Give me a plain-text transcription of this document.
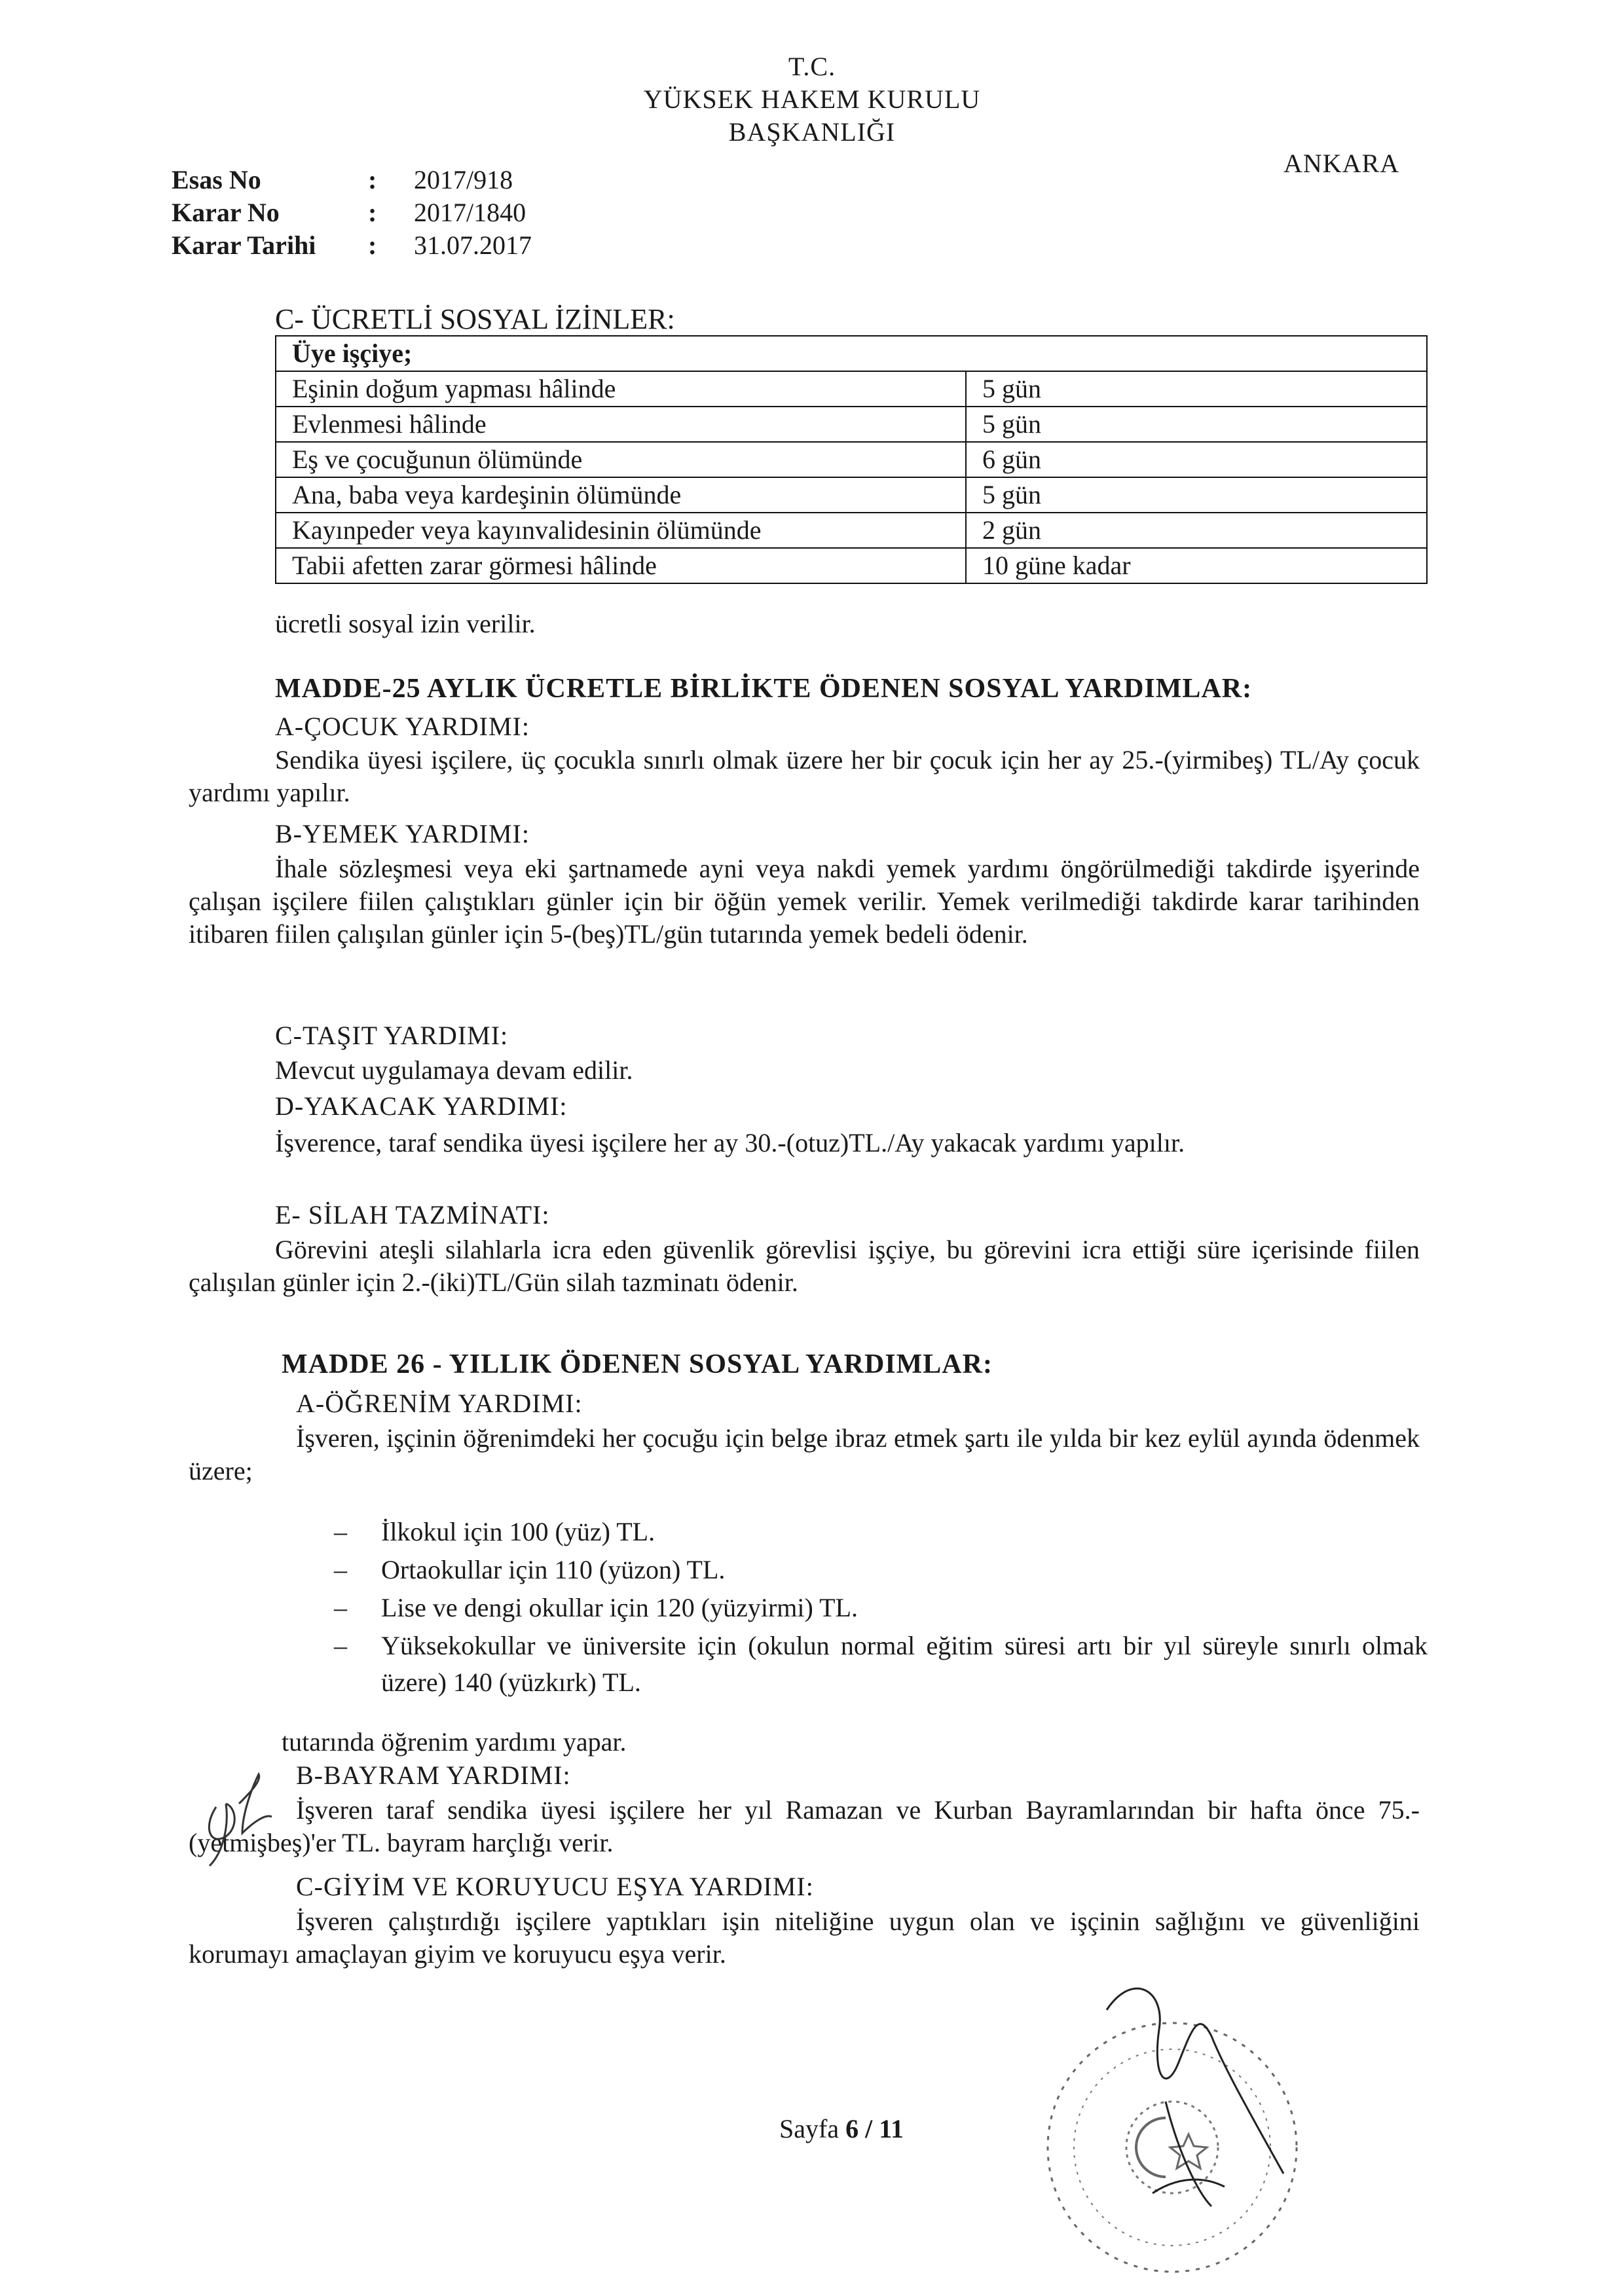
T.C.
YÜKSEK HAKEM KURULU
BAŞKANLIĞI
ANKARA
Esas No	: 2017/918
Karar No	: 2017/1840
Karar Tarihi : 31.07.2017
C- ÜCRETLİ SOSYAL İZİNLER:
Üye işçiye;	
Eşinin doğum yapması hâlinde	5 gün
Evlenmesi hâlinde	5 gün
Eş ve çocuğunun ölümünde	6 gün
Ana, baba veya kardeşinin ölümünde	5 gün
Kayınpeder veya kayınvalidesinin ölümünde	2 gün
Tabii afetten zarar görmesi hâlinde	10 güne kadar
ücretli sosyal izin verilir.
MADDE-25 AYLIK ÜCRETLE BİRLİKTE ÖDENEN SOSYAL YARDIMLAR:
A-ÇOCUK YARDIMI:
Sendika üyesi işçilere, üç çocukla sınırlı olmak üzere her bir çocuk için her ay 25.-(yirmibeş) TL/Ay çocuk yardımı yapılır.
B-YEMEK YARDIMI:
İhale sözleşmesi veya eki şartnamede ayni veya nakdi yemek yardımı öngörülmediği takdirde işyerinde çalışan işçilere fiilen çalıştıkları günler için bir öğün yemek verilir. Yemek verilmediği takdirde karar tarihinden itibaren fiilen çalışılan günler için 5-(beş)TL/gün tutarında yemek bedeli ödenir.
C-TAŞIT YARDIMI:
Mevcut uygulamaya devam edilir.
D-YAKACAK YARDIMI:
İşverence, taraf sendika üyesi işçilere her ay 30.-(otuz)TL./Ay yakacak yardımı yapılır.
E- SİLAH TAZMİNATI:
Görevini ateşli silahlarla icra eden güvenlik görevlisi işçiye, bu görevini icra ettiği süre içerisinde fiilen çalışılan günler için 2.-(iki)TL/Gün silah tazminatı ödenir.
MADDE 26 - YILLIK ÖDENEN SOSYAL YARDIMLAR:
A-ÖĞRENİM YARDIMI:
İşveren, işçinin öğrenimdeki her çocuğu için belge ibraz etmek şartı ile yılda bir kez eylül ayında ödenmek üzere;
– İlkokul için 100 (yüz) TL.
– Ortaokullar için 110 (yüzon) TL.
– Lise ve dengi okullar için 120 (yüzyirmi) TL.
– Yüksekokullar ve üniversite için (okulun normal eğitim süresi artı bir yıl süreyle sınırlı olmak üzere) 140 (yüzkırk) TL.
tutarında öğrenim yardımı yapar.
B-BAYRAM YARDIMI:
İşveren taraf sendika üyesi işçilere her yıl Ramazan ve Kurban Bayramlarından bir hafta önce 75.-(yetmişbeş)'er TL. bayram harçlığı verir.
C-GİYİM VE KORUYUCU EŞYA YARDIMI:
İşveren çalıştırdığı işçilere yaptıkları işin niteliğine uygun olan ve işçinin sağlığını ve güvenliğini korumayı amaçlayan giyim ve koruyucu eşya verir.
Sayfa 6 / 11
